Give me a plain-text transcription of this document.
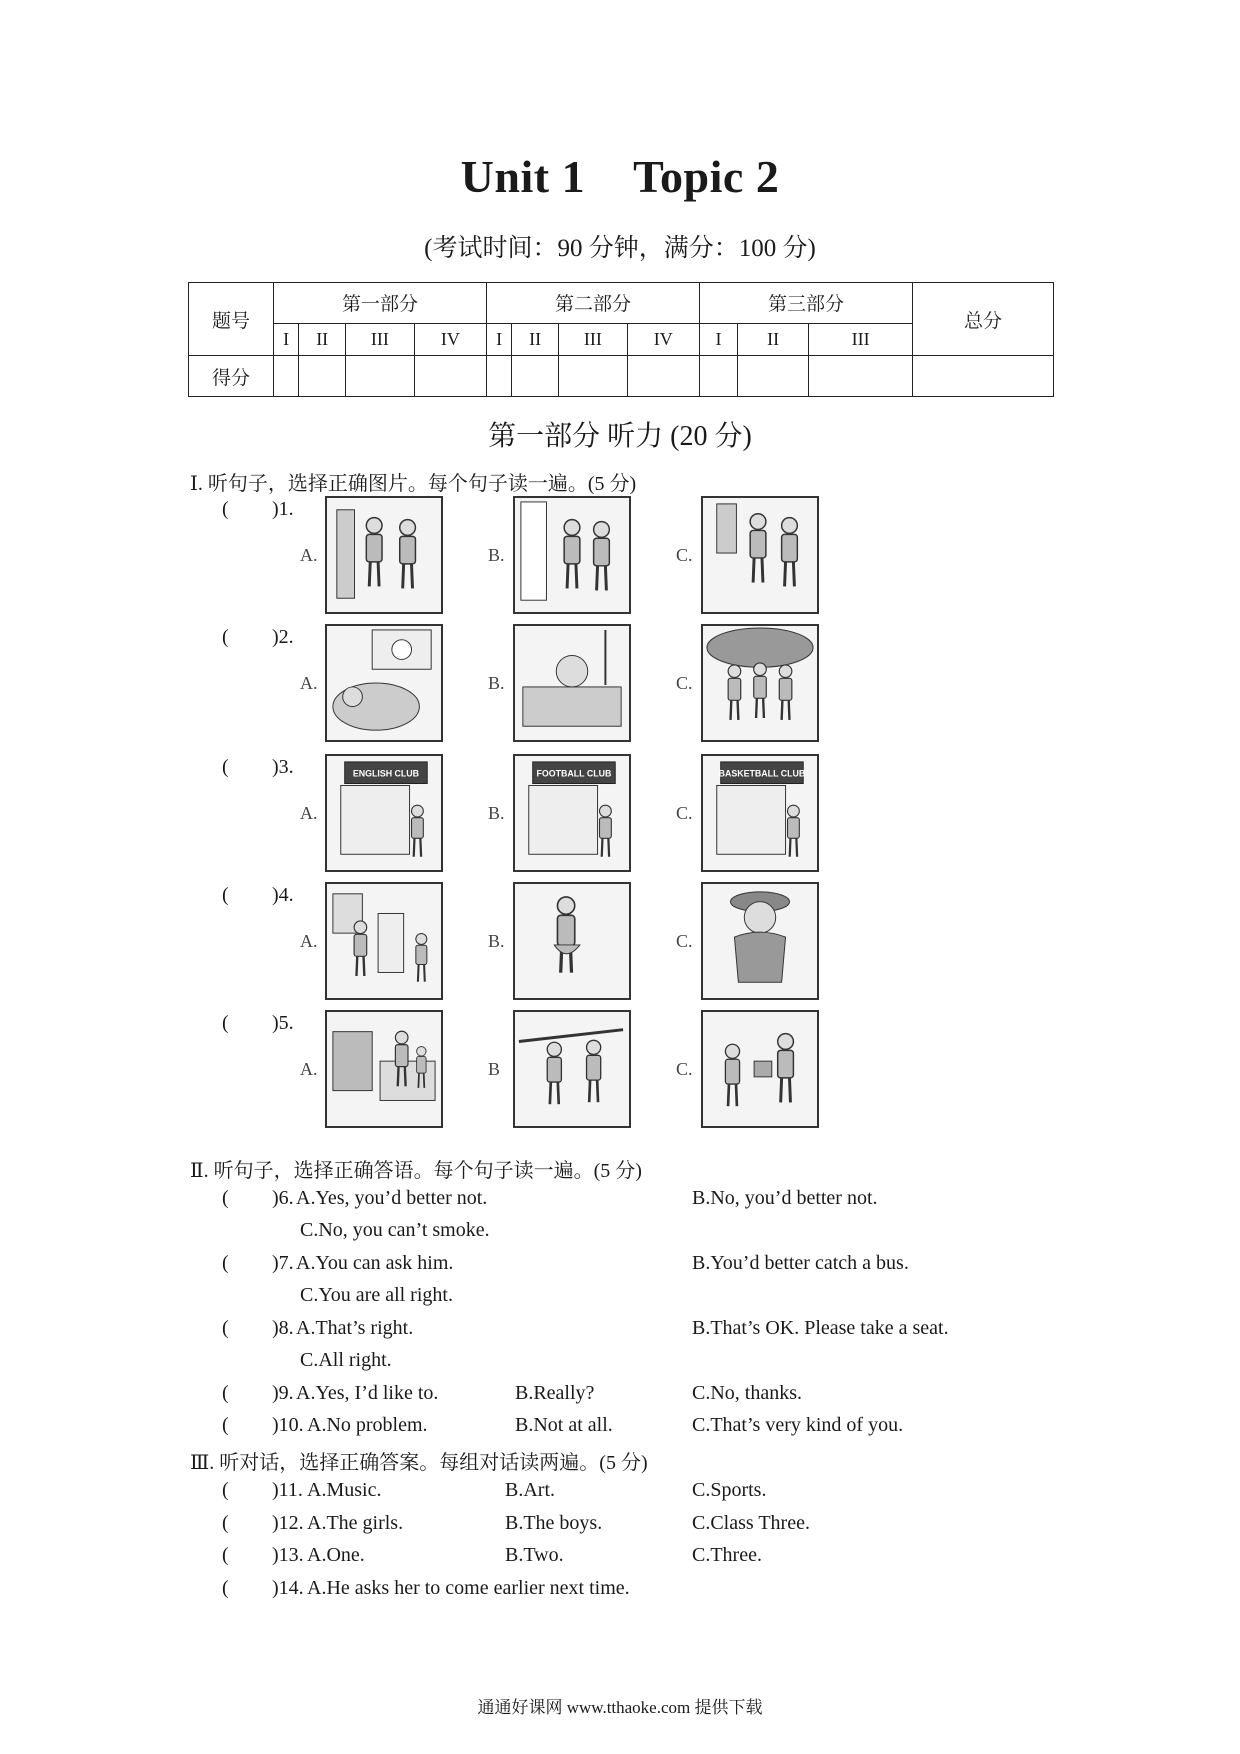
Unit 1 Topic 2
(考试时间：90 分钟，满分：100 分)
题号	第一部分				第二部分				第三部分			总分
	I	II	III	IV	I	II	III	IV	I	II	III	
得分												
第一部分 听力 (20 分)
Ⅰ. 听句子，选择正确图片。每个句子读一遍。(5 分)
( )1.
A.	B.	C.
( )2.
A.	B.	C.
( )3.
A.
ENGLISH CLUB
B.
FOOTBALL CLUB
C.
BASKETBALL CLUB
( )4.
A.	B.	C.
( )5.
A.	B	C.
Ⅱ. 听句子，选择正确答语。每个句子读一遍。(5 分)
( )6. A.Yes, you’d better not.	B.No, you’d better not.
C.No, you can’t smoke.
( )7. A.You can ask him.	B.You’d better catch a bus.
C.You are all right.
( )8. A.That’s right.	B.That’s OK. Please take a seat.
C.All right.
( )9. A.Yes, I’d like to.	B.Really?	C.No, thanks.
( )10. A.No problem.	B.Not at all.	C.That’s very kind of you.
Ⅲ. 听对话，选择正确答案。每组对话读两遍。(5 分)
( )11. A.Music.	B.Art.	C.Sports.
( )12. A.The girls.	B.The boys.	C.Class Three.
( )13. A.One.	B.Two.	C.Three.
( )14. A.He asks her to come earlier next time.
通通好课网 www.tthaoke.com 提供下载
